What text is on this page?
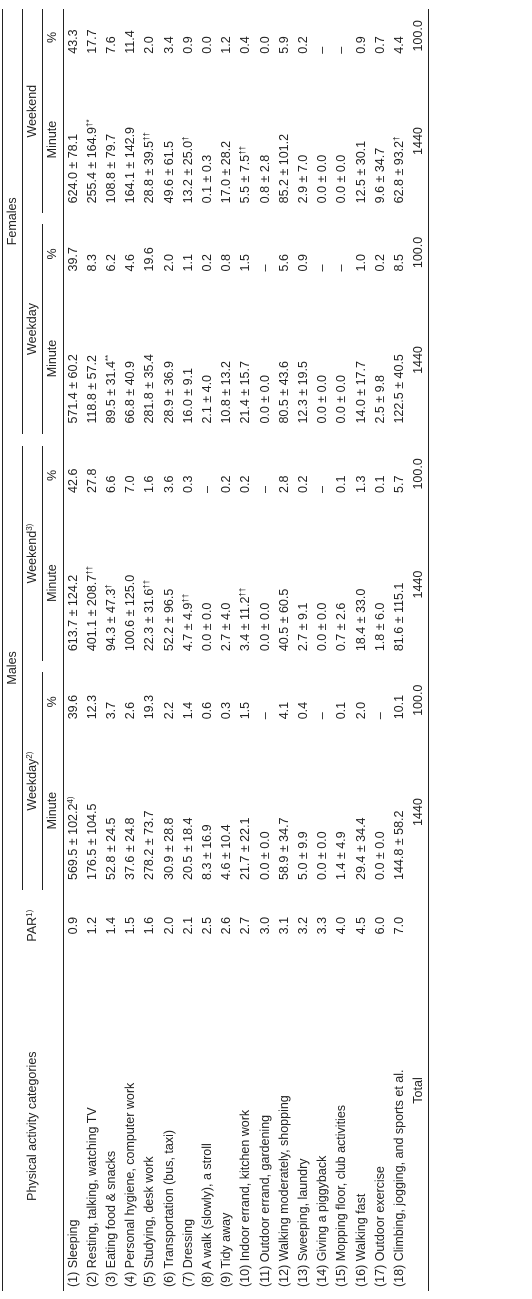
Physical activity categories	PAR$^{1)}$	Males						Females				
		Weekday$^{2)}$			Weekend$^{3)}$			Weekday			Weekend	
		Minute	%		Minute	%		Minute	%		Minute	%
(1) Sleeping	0.9	$569.5 \pm 102.2^{4)}$	39.6		613.7 ± 124.2	42.6		571.4 ± 60.2	39.7		624.0 ± 78.1	43.3
(2) Resting, talking, watching TV	1.2	176.5 ± 104.5	12.3		401.1 ± 208.7††	27.8		118.8 ± 57.2	8.3		255.4 ± 164.9†*	17.7
(3) Eating food & snacks	1.4	52.8 ± 24.5	3.7		94.3 ± 47.3†	6.6		89.5 ± 31.4**	6.2		108.8 ± 79.7	7.6
(4) Personal hygiene, computer work	1.5	37.6 ± 24.8	2.6		100.6 ± 125.0	7.0		66.8 ± 40.9	4.6		164.1 ± 142.9	11.4
(5) Studying, desk work	1.6	278.2 ± 73.7	19.3		22.3 ± 31.6††	1.6		281.8 ± 35.4	19.6		28.8 ± 39.5††	2.0
(6) Transportation (bus, taxi)	2.0	30.9 ± 28.8	2.2		52.2 ± 96.5	3.6		28.9 ± 36.9	2.0		49.6 ± 61.5	3.4
(7) Dressing	2.1	20.5 ± 18.4	1.4		4.7 ± 4.9††	0.3		16.0 ± 9.1	1.1		13.2 ± 25.0†	0.9
(8) A walk (slowly), a stroll	2.5	8.3 ± 16.9	0.6		0.0 ± 0.0	–		2.1 ± 4.0	0.2		0.1 ± 0.3	0.0
(9) Tidy away	2.6	4.6 ± 10.4	0.3		2.7 ± 4.0	0.2		10.8 ± 13.2	0.8		17.0 ± 28.2	1.2
(10) Indoor errand, kitchen work	2.7	21.7 ± 22.1	1.5		3.4 ± 11.2††	0.2		21.4 ± 15.7	1.5		5.5 ± 7.5††	0.4
(11) Outdoor errand, gardening	3.0	0.0 ± 0.0	–		0.0 ± 0.0	–		0.0 ± 0.0	–		0.8 ± 2.8	0.0
(12) Walking moderately, shopping	3.1	58.9 ± 34.7	4.1		40.5 ± 60.5	2.8		80.5 ± 43.6	5.6		85.2 ± 101.2	5.9
(13) Sweeping, laundry	3.2	5.0 ± 9.9	0.4		2.7 ± 9.1	0.2		12.3 ± 19.5	0.9		2.9 ± 7.0	0.2
(14) Giving a piggyback	3.3	0.0 ± 0.0	–		0.0 ± 0.0	–		0.0 ± 0.0	–		0.0 ± 0.0	–
(15) Mopping floor, club activities	4.0	1.4 ± 4.9	0.1		0.7 ± 2.6	0.1		0.0 ± 0.0	–		0.0 ± 0.0	–
(16) Walking fast	4.5	29.4 ± 34.4	2.0		18.4 ± 33.0	1.3		14.0 ± 17.7	1.0		12.5 ± 30.1	0.9
(17) Outdoor exercise	6.0	0.0 ± 0.0	–		1.8 ± 6.0	0.1		2.5 ± 9.8	0.2		9.6 ± 34.7	0.7
(18) Climbing, jogging, and sports et al.	7.0	144.8 ± 58.2	10.1		81.6 ± 115.1	5.7		122.5 ± 40.5	8.5		62.8 ± 93.2†	4.4
Total		1440	100.0		1440	100.0		1440	100.0		1440	100.0
